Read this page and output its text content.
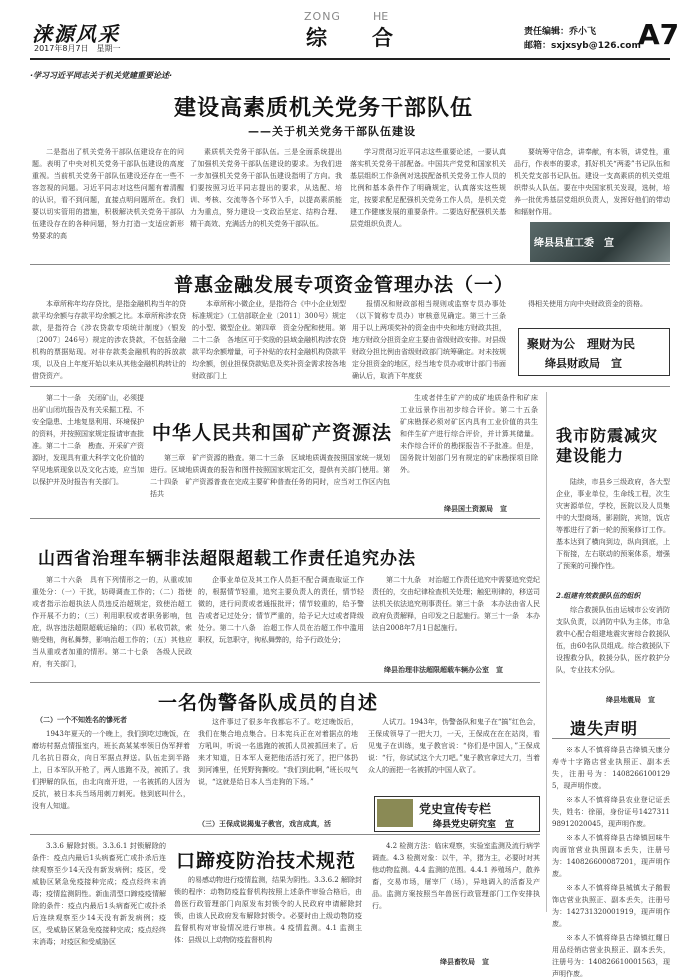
涞源风采
2017年8月7日　星期一
ZONG	HE
综　　合	责任编辑：乔小飞
邮箱：sxjxsyb@126.com
A7
·学习习近平同志关于机关党建重要论述·
建设高素质机关党务干部队伍
——关于机关党务干部队伍建设

二是指出了机关党务干部队伍建设存在的问题。表明了中央对机关党务干部队伍建设的高度重视。当前机关党务干部队伍建设还存在一些不容忽视的问题。习近平同志对这些问题有着清醒的认识，看不到问题，直接点明问题所在。我们要以切实管用的措施，积极解决机关党务干部队伍建设存在的各种问题，努力打造一支适应新形势要求的高

素质机关党务干部队伍。三是全面系统提出了加强机关党务干部队伍建设的要求。为我们进一步加强机关党务干部队伍建设指明了方向。我们要按照习近平同志提出的要求，从选配、培训、考核、交流等各个环节入手，以提高素质能力为重点，努力建设一支政治坚定、结构合理、精干高效、充满活力的机关党务干部队伍。

学习贯彻习近平同志这些重要论述，一要认真落实机关党务干部配备。中国共产党党和国家机关基层组织工作条例对选拔配备机关党务工作人员的比例和基本条件作了明确规定，认真落实这些规定，按要求配足配强机关党务工作人员，是机关党建工作健康发展的重要条件。二要选好配强机关基层党组织负责人。

要统筹守信念，讲奉献，有本领，讲党性，重品行，作表率的要求，抓好机关“两委”书记队伍和机关党支部书记队伍。建设一支高素质的机关党组织带头人队伍。要在中央国家机关发现，选树，培养一批优秀基层党组织负责人，发挥好他们的带动和辐射作用。

绛县县直工委　宣
普惠金融发展专项资金管理办法（一）

本章所称年均存贷比，是指金融机构当年的贷款平均余额与存款平均余额之比。本章所称涉农贷款，是指符合《涉农贷款专项统计制度》（银发〔2007〕246号）规定的涉农贷款，不包括金融机构的票据贴现。对非存款类金融机构的拆放款项，以及自上年度开始以来从其他金融机构转让的借贷资产。

本章所称小微企业，是指符合《中小企业划型标准规定》（工信部联企业〔2011〕300号）规定的小型、微型企业。第四章　资金分配和使用。第二十二条　各地区可于奖励的县域金融机构涉农贷款平均余额增量，可予补贴的农村金融机构贷款平均余额，创业担保贷款贴息及奖补资金需求按各地财政部门上

报情况和财政部相当规则或监察专员办事处（以下简称专员办）审核意见确定。第三十三条　用于以上两项奖补的资金由中央和地方财政共担，地方财政分担资金应主要由省级财政安排。对县级财政分担比例由省级财政部门统筹确定。对未按规定分担资金的地区，经当地专员办或审计部门书面确认后，取消下年度获

得相关使用方向中央财政资金的资格。

聚财为公　理财为民
绛县财政局　宣

第二十一条　关闭矿山，必须提出矿山闭坑报告及有关采掘工程、不安全隐患、土地复垦利用、环境保护的资料，并按照国家规定报请审查批准。第二十二条　勘查、开采矿产资源时，发现具有重大科学文化价值的罕见地质现象以及文化古迹，应当加以保护并及时报告有关部门。

中华人民共和国矿产资源法

第三章　矿产资源的勘查。第二十三条　区域地质调查按照国家统一规划进行。区域地质调查的报告和图件按照国家规定汇交，提供有关部门使用。第二十四条　矿产资源普查在完成主要矿种普查任务的同时，应当对工作区内包括共

生或者伴生矿产的成矿地质条件和矿床工业远景作出初步综合评价。第二十五条　矿床勘探必须对矿区内具有工业价值的共生和伴生矿产进行综合评价，并计算其储量。未作综合评价的勘探报告不予批准。但是，国务院计划部门另有规定的矿床勘探项目除外。

绛县国土资源局　宣
我市防震减灾建设能力

陆续，市县乡三级政府，各大型企业，事业单位，生命线工程，次生灾害源单位，学校，医院以及人员集中的大型商场，影剧院，宾馆，饭店等都进行了新一轮的预案修订工作。基本达到了横向到边，纵向到底，上下衔接，左右联动的预案体系，增强了预案的可操作性。

2.组建有效救援队伍的组织

综合救援队伍由运城市公安消防支队负责，以消防中队为主体，市急救中心配合组建地震灾害综合救援队伍，由60名队员组成。综合救援队下设搜救分队，救援分队，医疗救护分队，专业技术分队。

绛县地震局　宣
山西省治理车辆非法超限超载工作责任追究办法

第二十六条　具有下列情形之一的，从重或加重处分：（一）干扰，妨碍调查工作的；（二）指使或者指示治超执法人员违反治超规定，致使治超工作开展不力的；（三）利用职权或者职务影响，包庇，纵容违法超限超载运输的；（四）私收罚款，索贿受贿，徇私舞弊，影响治超工作的；（五）其他应当从重或者加重的情形。第二十七条　各级人民政府，有关部门，

企事业单位及其工作人员拒不配合调查取证工作的，根据情节轻重，追究主要负责人的责任，情节轻微的，进行问责或者通报批评；情节较重的，给予警告或者记过处分；情节严重的，给予记大过或者降级处分。第二十八条　治超工作人员在治超工作中滥用职权，玩忽职守，徇私舞弊的，给予行政处分；

第二十九条　对治超工作责任追究中需要追究党纪责任的，交由纪律检查机关处理；触犯刑律的，移送司法机关依法追究刑事责任。第三十条　本办法由省人民政府负责解释，自印发之日起施行。第三十一条　本办法自2008年7月1日起施行。

绛县治理非法超限超载车辆办公室　宣
一名伪警备队成员的自述
（二）一个不知姓名的慘死者

1943年夏天的一个晚上，我们到吃过晚饭，在磨坊村据点情报室内，班长高某某率领日伪军押着几名抗日群众，向日军据点押送。队伍走到半路上，日本军队开枪了，两人逃跑不及，被抓了。我们押解的队伍，由北向南开进，一名被抓的人因为反抗，被日本兵当场用刺刀刺死。他到底叫什么，没有人知道。

这件事过了很多年我都忘不了。吃过晚饭后，我们在集合地点集合。日本宪兵正在对着据点的地方吼叫，听说一名逃跑的被抓人员被抓回来了。后来才知道，日本军人竟把他活活打死了，把尸体扔到河滩里，任凭野狗撕咬。“我们到此啊，”班长叹气说，“这就是给日本人当走狗的下场。”

（三）王保成说揭鬼子教官，戏言成真，活

人试刀。1943年，伪警备队和鬼子在“搞”红色会，王保成领导了一把大刀，一天，王保成在在在站岗，看见鬼子在训练，鬼子教官说：“你们是中国人，”王保成说：“行，你试试这个大刀吧。”鬼子教官拿过大刀，当着众人的面把一名被抓的中国人砍了。

党史宣传专栏
绛县党史研究室　宣
遗失声明

※本人不慎将绛县古绛镇天康分寿寺十字路店营业执照正、副本丢失，注册号为：14082661001295，现声明作废。

※本人不慎将绛县农业登记证丢失，姓名：徐丽，身份证号142731198912020045，现声明作废。

※本人不慎将绛县古绛镇回味牛肉面馆营业执照副本丢失，注册号为：140826600087201，现声明作废。

※本人不慎将绛县城镇太子鹅假饰店营业执照正、副本丢失，注册号为：142731320001919，现声明作废。

※本人不慎将绛县古绛镇红耀日用品经销店营业执照正、副本丢失，注册号为：140826610001563，现声明作废。

3.3.6 解除封锁。3.3.6.1 封锁解除的条件：疫点内最后1头病畜死亡或扑杀后连续观察至少14天没有新发病例；疫区，受威胁区紧急免疫接种完成；疫点经终末消毒；疫情监测阴性。新血清型口蹄疫疫情解除的条件：疫点内最后1头病畜死亡或扑杀后连续观察至少14天没有新发病例；疫区，受威胁区紧急免疫接种完成；疫点经终末消毒；对疫区和受威胁区

口蹄疫防治技术规范

的易感动物进行疫情监测，结果为阴性。3.3.6.2 解除封锁的程序：动物防疫监督机构按照上述条件审验合格后，由兽医行政管理部门向原发布封锁令的人民政府申请解除封锁，由该人民政府发布解除封锁令。必要时由上级动物防疫监督机构对审验情况进行审核。4 疫情监测。4.1 监测主体：县级以上动物防疫监督机构

4.2 检测方法：临床观察，实验室监测及流行病学调查。4.3 检测对象：以牛，羊，猪为主，必要时对其他动物监测。4.4 监测的范围。4.4.1 养殖场户，散养畜，交易市场，屠宰厂（场），异地调入的活畜及产品。监测方案按照当年兽医行政管理部门工作安排执行。

绛县畜牧局　宣
